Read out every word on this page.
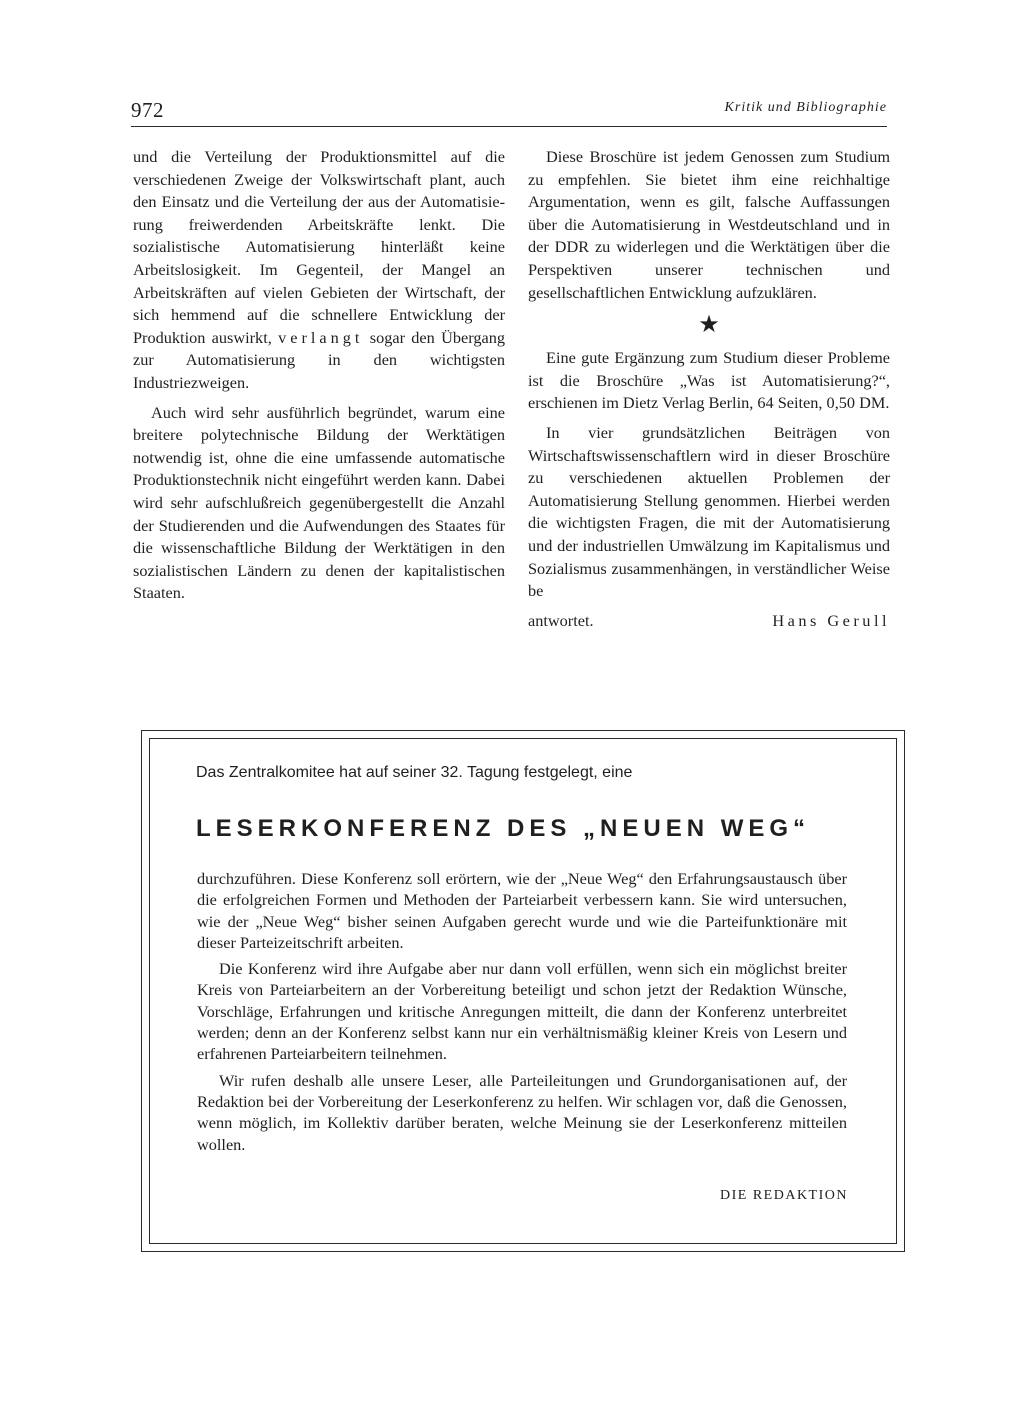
972	Kritik und Bibliographie

und die Verteilung der Produktionsmittel auf die verschiedenen Zweige der Volkswirtschaft plant, auch den Einsatz und die Verteilung der aus der Automatisierung freiwerdenden Arbeitskräfte lenkt. Die sozialistische Automatisierung hinterläßt keine Arbeitslosigkeit. Im Gegenteil, der Mangel an Arbeitskräften auf vielen Gebieten der Wirtschaft, der sich hemmend auf die schnellere Entwicklung der Produktion auswirkt, verlangt sogar den Übergang zur Automatisierung in den wichtigsten Industriezweigen.

Auch wird sehr ausführlich begründet, warum eine breitere polytechnische Bildung der Werktätigen notwendig ist, ohne die eine umfassende automatische Produktionstechnik nicht eingeführt werden kann. Dabei wird sehr aufschlußreich gegenübergestellt die Anzahl der Studierenden und die Aufwendungen des Staates für die wissenschaftliche Bildung der Werktätigen in den sozialistischen Ländern zu denen der kapitalistischen Staaten.

Diese Broschüre ist jedem Genossen zum Studium zu empfehlen. Sie bietet ihm eine reichhaltige Argumentation, wenn es gilt, falsche Auffassungen über die Automatisierung in Westdeutschland und in der DDR zu widerlegen und die Werktätigen über die Perspektiven unserer technischen und gesellschaftlichen Entwicklung aufzuklären.

★

Eine gute Ergänzung zum Studium dieser Probleme ist die Broschüre „Was ist Automatisierung?“, erschienen im Dietz Verlag Berlin, 64 Seiten, 0,50 DM.

In vier grundsätzlichen Beiträgen von Wirtschaftswissenschaftlern wird in dieser Broschüre zu verschiedenen aktuellen Problemen der Automatisierung Stellung genommen. Hierbei werden die wichtigsten Fragen, die mit der Automatisierung und der industriellen Umwälzung im Kapitalismus und Sozialismus zusammenhängen, in verständlicher Weise be

antwortet.	Hans Gerull

Das Zentralkomitee hat auf seiner 32. Tagung festgelegt, eine
LESERKONFERENZ DES „NEUEN WEG“

durchzuführen. Diese Konferenz soll erörtern, wie der „Neue Weg“ den Erfahrungsaustausch über die erfolgreichen Formen und Methoden der Parteiarbeit verbessern kann. Sie wird untersuchen, wie der „Neue Weg“ bisher seinen Aufgaben gerecht wurde und wie die Parteifunktionäre mit dieser Parteizeitschrift arbeiten.

Die Konferenz wird ihre Aufgabe aber nur dann voll erfüllen, wenn sich ein möglichst breiter Kreis von Parteiarbeitern an der Vorbereitung beteiligt und schon jetzt der Redaktion Wünsche, Vorschläge, Erfahrungen und kritische Anregungen mitteilt, die dann der Konferenz unterbreitet werden; denn an der Konferenz selbst kann nur ein verhältnismäßig kleiner Kreis von Lesern und erfahrenen Parteiarbeitern teilnehmen.

Wir rufen deshalb alle unsere Leser, alle Parteileitungen und Grundorganisationen auf, der Redaktion bei der Vorbereitung der Leserkonferenz zu helfen. Wir schlagen vor, daß die Genossen, wenn möglich, im Kollektiv darüber beraten, welche Meinung sie der Leserkonferenz mitteilen wollen.

DIE REDAKTION
